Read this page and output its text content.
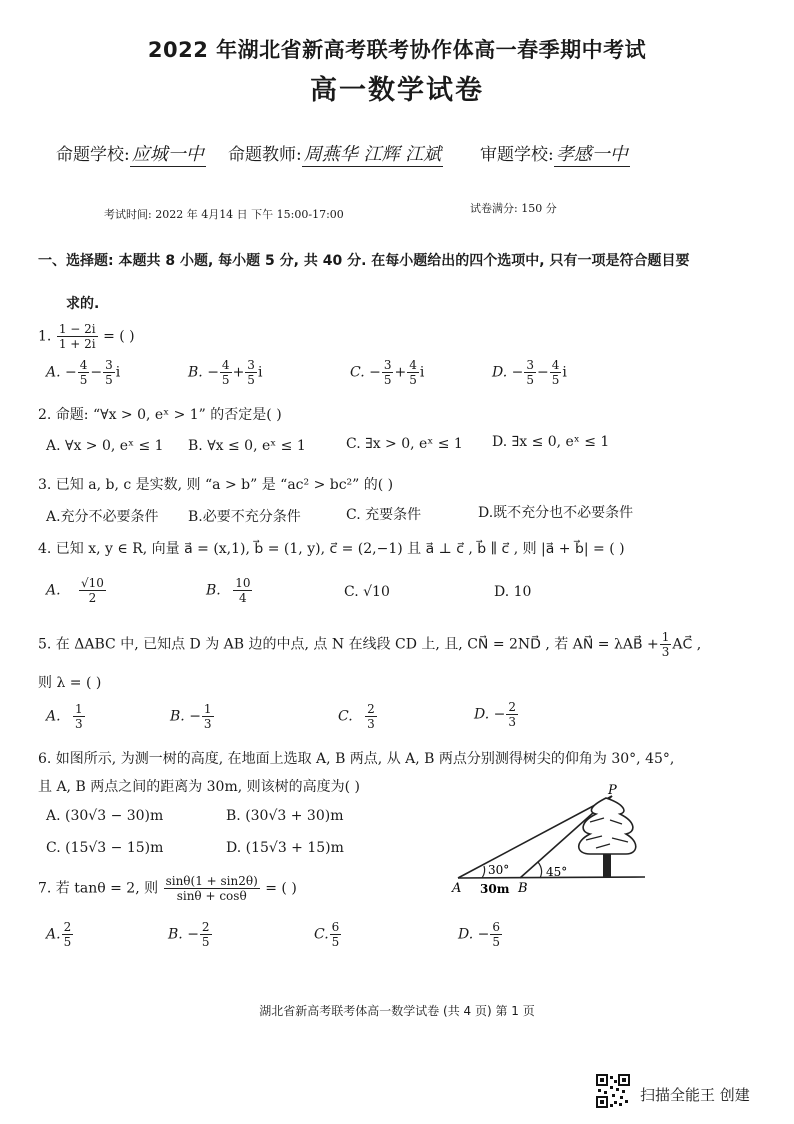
2022 年湖北省新高考联考协作体高一春季期中考试
高一数学试卷
命题学校: 应城一中 命题教师: 周燕华 江辉 江斌 审题学校: 孝感一中
考试时间: 2022 年 4月14 日 下午 15:00-17:00	试卷满分: 150 分
一、选择题: 本题共 8 小题, 每小题 5 分, 共 40 分. 在每小题给出的四个选项中, 只有一项是符合题目要
求的.
1. $\frac{1 - 2i}{1 + 2i}$ = ( )
A. − $\frac{4}{5} - \frac{3}{5}$ i	B. − $\frac{4}{5} + \frac{3}{5}$ i	C. − $\frac{3}{5} + \frac{4}{5}$ i	D. − $\frac{3}{5} - \frac{4}{5}$ i
2. 命题: “∀x > 0, eˣ > 1” 的否定是( )
A. ∀x > 0, eˣ ≤ 1 B. ∀x ≤ 0, eˣ ≤ 1	C. ∃x > 0, eˣ ≤ 1 D. ∃x ≤ 0, eˣ ≤ 1
3. 已知 a, b, c 是实数, 则 “a > b” 是 “ac² > bc²” 的( )
A.充分不必要条件 B.必要不充分条件	C. 充要条件	D.既不充分也不必要条件
4. 已知 x, y ∈ R, 向量 a⃗ = (x,1), b⃗ = (1, y), c⃗ = (2,−1) 且 a⃗ ⊥ c⃗ , b⃗ ∥ c⃗ , 则 |a⃗ + b⃗| = ( )
A. $\frac{√10}{2}$	B. $\frac{10}{4}$	C. √10	D. 10
5. 在 ΔABC 中, 已知点 D 为 AB 边的中点, 点 N 在线段 CD 上, 且, CN⃗ = 2ND⃗ , 若 AN⃗ = λAB⃗ + $\frac{1}{3}$ AC⃗ ,
则 λ = ( )
A. $\frac{1}{3}$	B. − $\frac{1}{3}$	C. $\frac{2}{3}$	D. − $\frac{2}{3}$
6. 如图所示, 为测一树的高度, 在地面上选取 A, B 两点, 从 A, B 两点分别测得树尖的仰角为 30°, 45°,
且 A, B 两点之间的距离为 30m, 则该树的高度为( )
A. (30√3 − 30)m	B. (30√3 + 30)m
C. (15√3 − 15)m	D. (15√3 + 15)m
P
A	B
30°	45°
30m
7. 若 tanθ = 2, 则 $\frac{\sin\theta(1 + \sin 2\theta)}{\sin\theta + \cos\theta}$ = ( )
A. $\frac{2}{5}$	B. − $\frac{2}{5}$	C. $\frac{6}{5}$	D. − $\frac{6}{5}$
湖北省新高考联考体高一数学试卷 (共 4 页) 第 1 页
扫描全能王 创建
